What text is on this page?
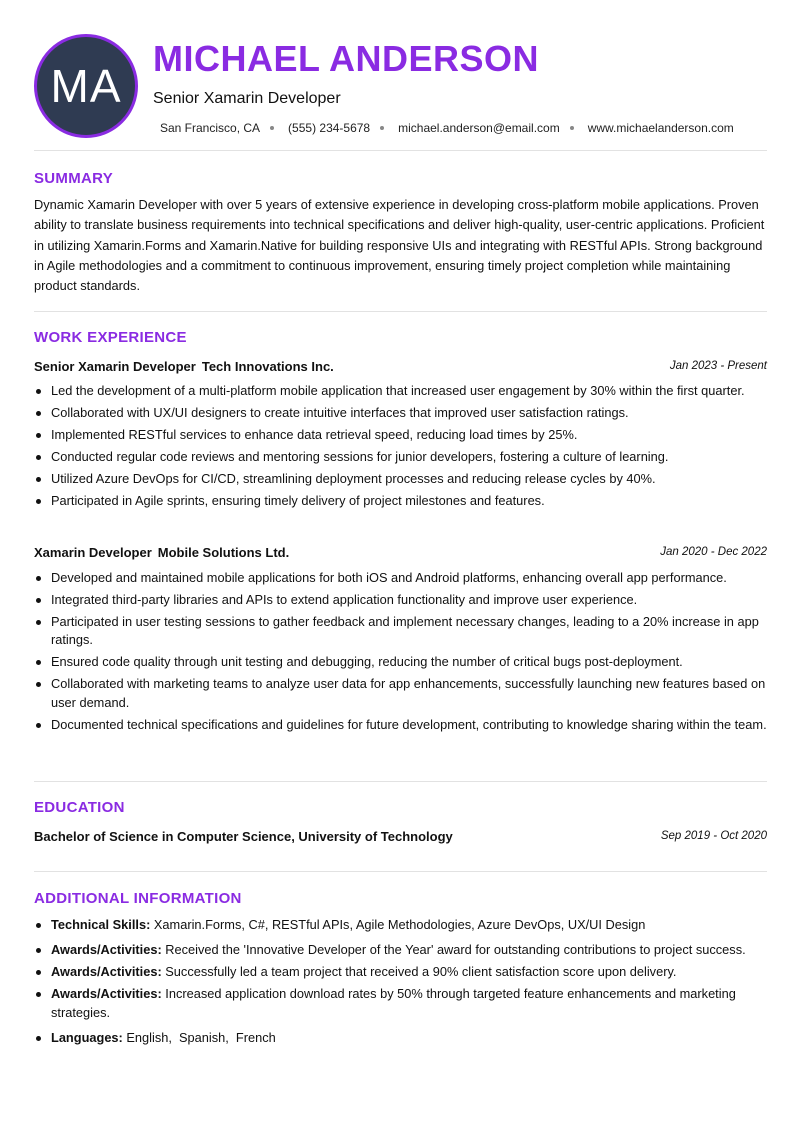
MA
MICHAEL ANDERSON
Senior Xamarin Developer
San Francisco, CA (555) 234-5678 michael.anderson@email.com www.michaelanderson.com
SUMMARY
Dynamic Xamarin Developer with over 5 years of extensive experience in developing cross-platform mobile applications. Proven ability to translate business requirements into technical specifications and deliver high-quality, user-centric applications. Proficient in utilizing Xamarin.Forms and Xamarin.Native for building responsive UIs and integrating with RESTful APIs. Strong background in Agile methodologies and a commitment to continuous improvement, ensuring timely project completion while maintaining product standards.
WORK EXPERIENCE
Senior Xamarin Developer Tech Innovations Inc.	Jan 2023 - Present
Led the development of a multi-platform mobile application that increased user engagement by 30% within the first quarter.
Collaborated with UX/UI designers to create intuitive interfaces that improved user satisfaction ratings.
Implemented RESTful services to enhance data retrieval speed, reducing load times by 25%.
Conducted regular code reviews and mentoring sessions for junior developers, fostering a culture of learning.
Utilized Azure DevOps for CI/CD, streamlining deployment processes and reducing release cycles by 40%.
Participated in Agile sprints, ensuring timely delivery of project milestones and features.
Xamarin Developer Mobile Solutions Ltd.	Jan 2020 - Dec 2022
Developed and maintained mobile applications for both iOS and Android platforms, enhancing overall app performance.
Integrated third-party libraries and APIs to extend application functionality and improve user experience.
Participated in user testing sessions to gather feedback and implement necessary changes, leading to a 20% increase in app ratings.
Ensured code quality through unit testing and debugging, reducing the number of critical bugs post-deployment.
Collaborated with marketing teams to analyze user data for app enhancements, successfully launching new features based on user demand.
Documented technical specifications and guidelines for future development, contributing to knowledge sharing within the team.
EDUCATION
Bachelor of Science in Computer Science, University of Technology	Sep 2019 - Oct 2020
ADDITIONAL INFORMATION
Technical Skills: Xamarin.Forms, C#, RESTful APIs, Agile Methodologies, Azure DevOps, UX/UI Design
Awards/Activities: Received the 'Innovative Developer of the Year' award for outstanding contributions to project success.
Awards/Activities: Successfully led a team project that received a 90% client satisfaction score upon delivery.
Awards/Activities: Increased application download rates by 50% through targeted feature enhancements and marketing strategies.
Languages: English,  Spanish,  French
